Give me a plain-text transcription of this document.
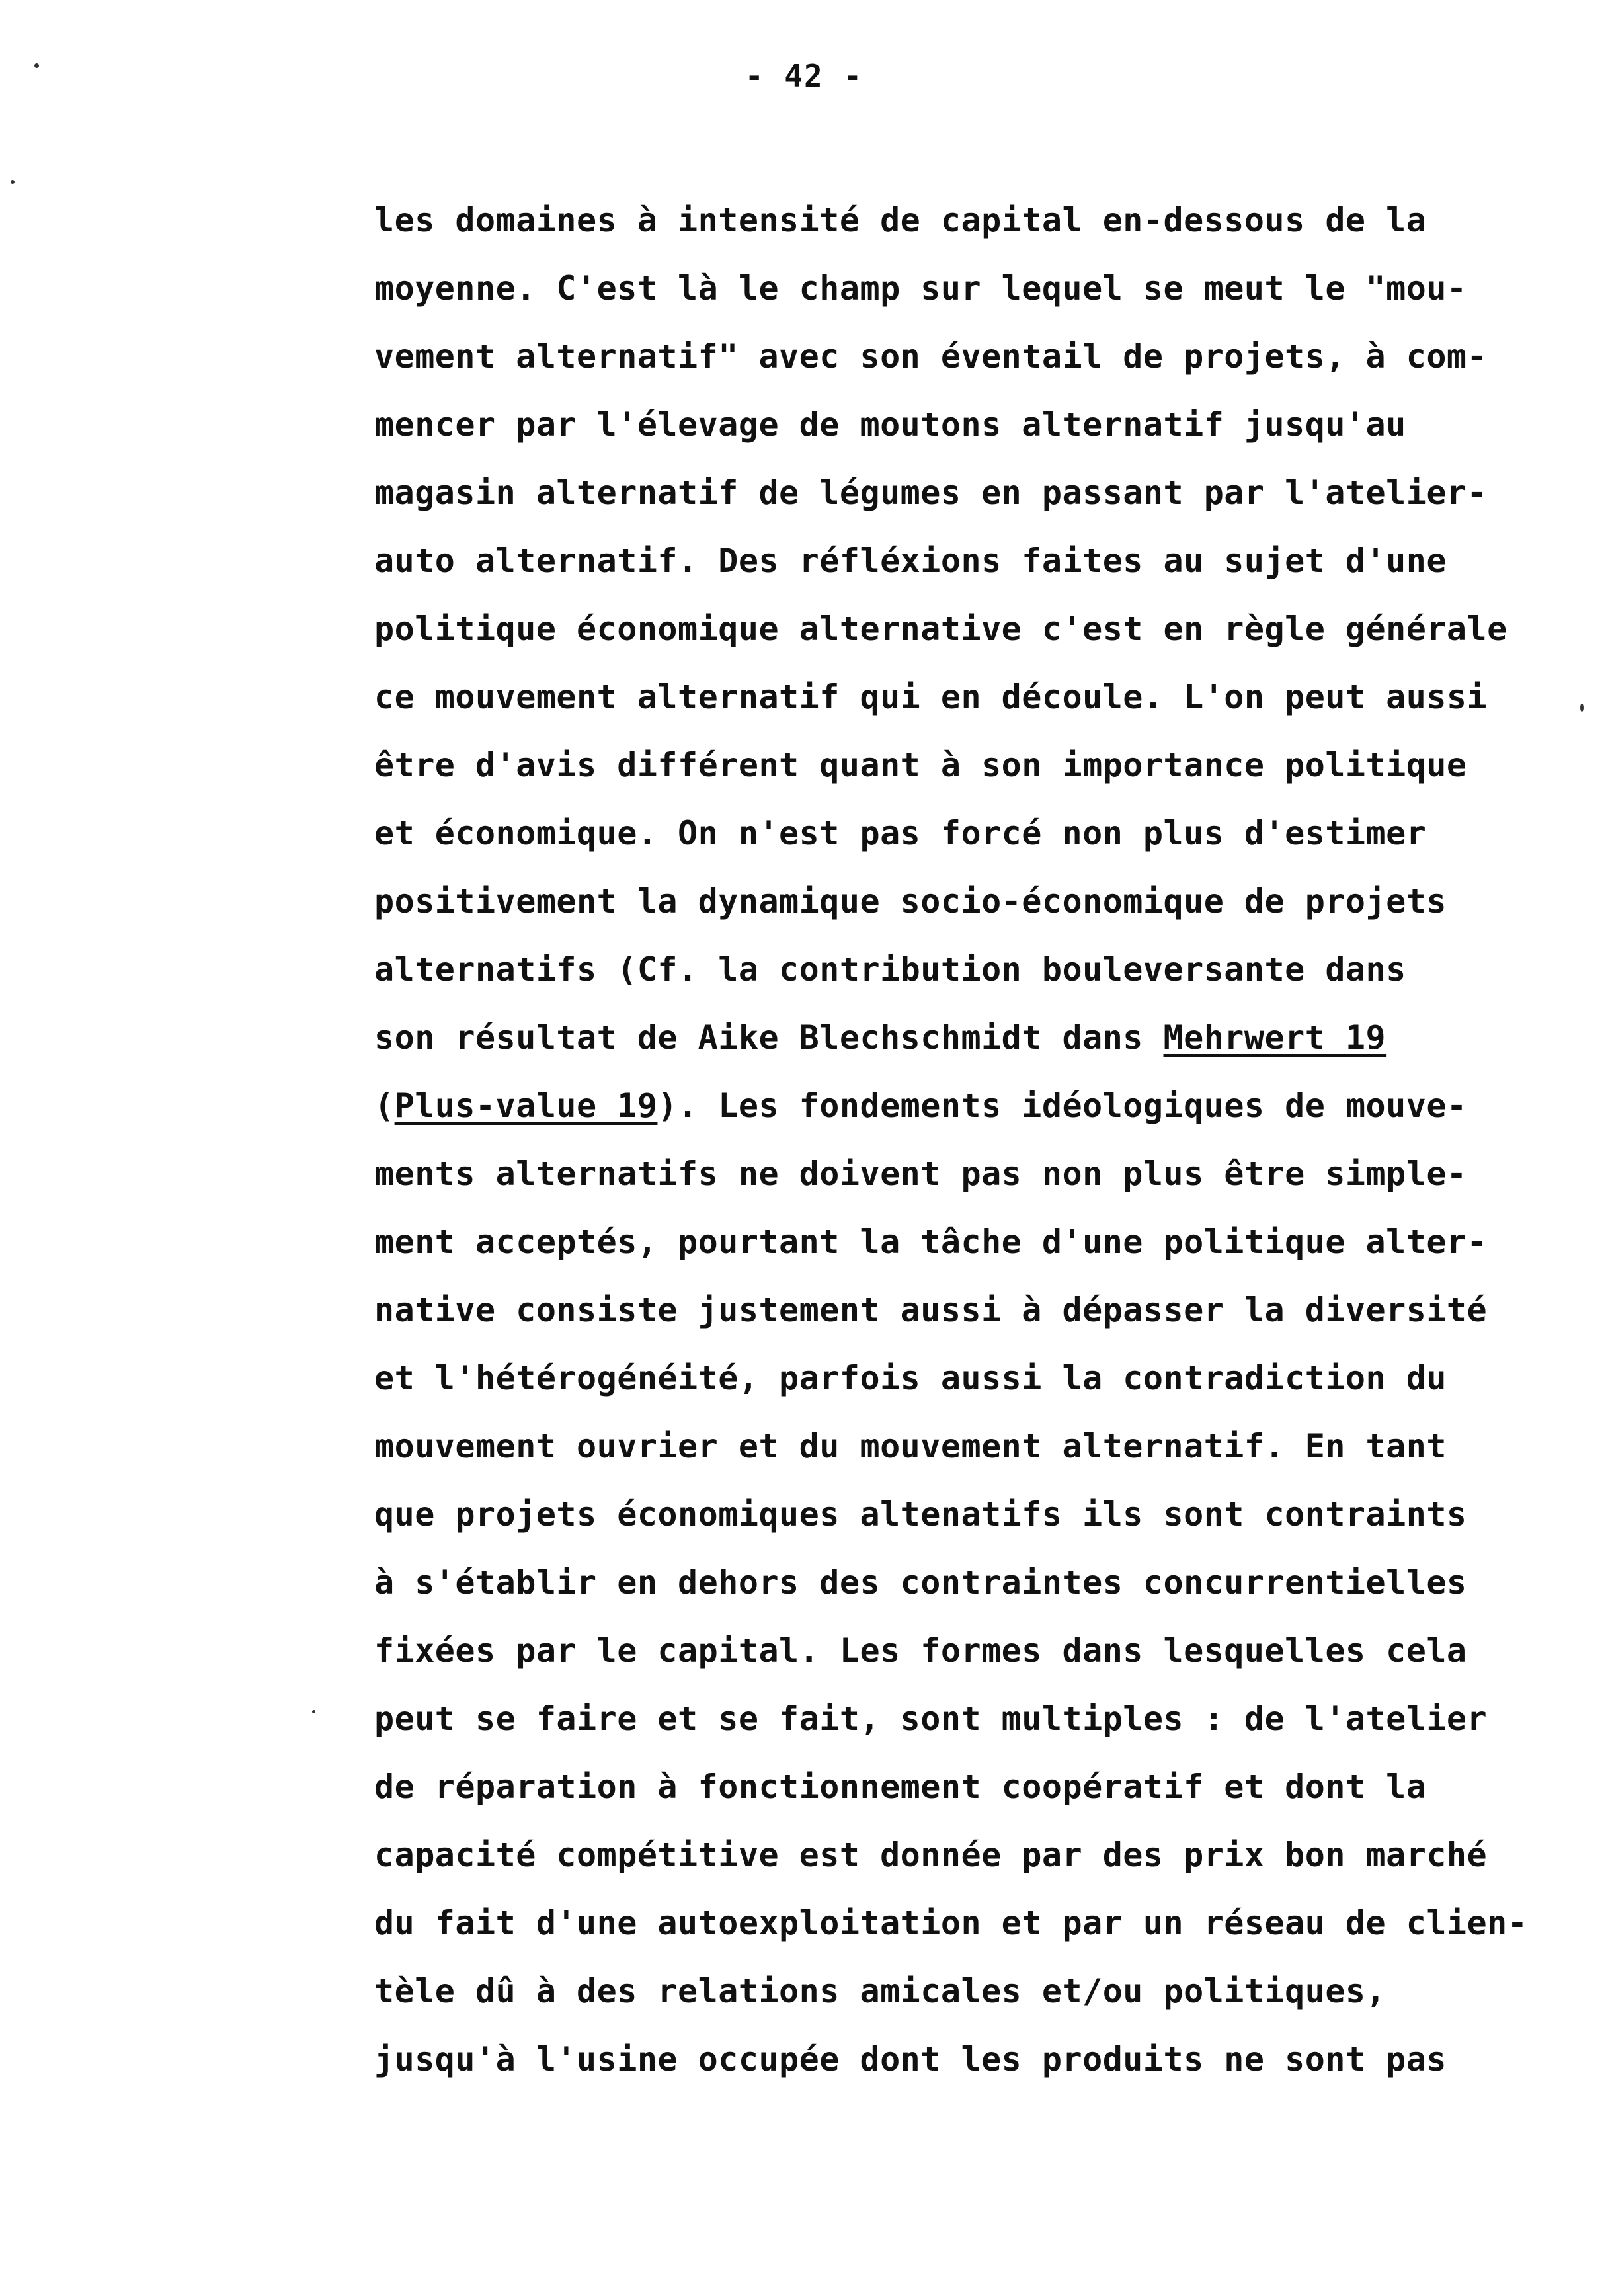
- 42 -
les domaines à intensité de capital en-dessous de la
moyenne. C'est là le champ sur lequel se meut le "mou-
vement alternatif" avec son éventail de projets, à com-
mencer par l'élevage de moutons alternatif jusqu'au
magasin alternatif de légumes en passant par l'atelier-
auto alternatif. Des réfléxions faites au sujet d'une
politique économique alternative c'est en règle générale
ce mouvement alternatif qui en découle. L'on peut aussi
être d'avis différent quant à son importance politique
et économique. On n'est pas forcé non plus d'estimer
positivement la dynamique socio-économique de projets
alternatifs (Cf. la contribution bouleversante dans
son résultat de Aike Blechschmidt dans Mehrwert 19
(Plus-value 19). Les fondements idéologiques de mouve-
ments alternatifs ne doivent pas non plus être simple-
ment acceptés, pourtant la tâche d'une politique alter-
native consiste justement aussi à dépasser la diversité
et l'hétérogénéité, parfois aussi la contradiction du
mouvement ouvrier et du mouvement alternatif. En tant
que projets économiques altenatifs ils sont contraints
à s'établir en dehors des contraintes concurrentielles
fixées par le capital. Les formes dans lesquelles cela
peut se faire et se fait, sont multiples : de l'atelier
de réparation à fonctionnement coopératif et dont la
capacité compétitive est donnée par des prix bon marché
du fait d'une autoexploitation et par un réseau de clien-
tèle dû à des relations amicales et/ou politiques,
jusqu'à l'usine occupée dont les produits ne sont pas
